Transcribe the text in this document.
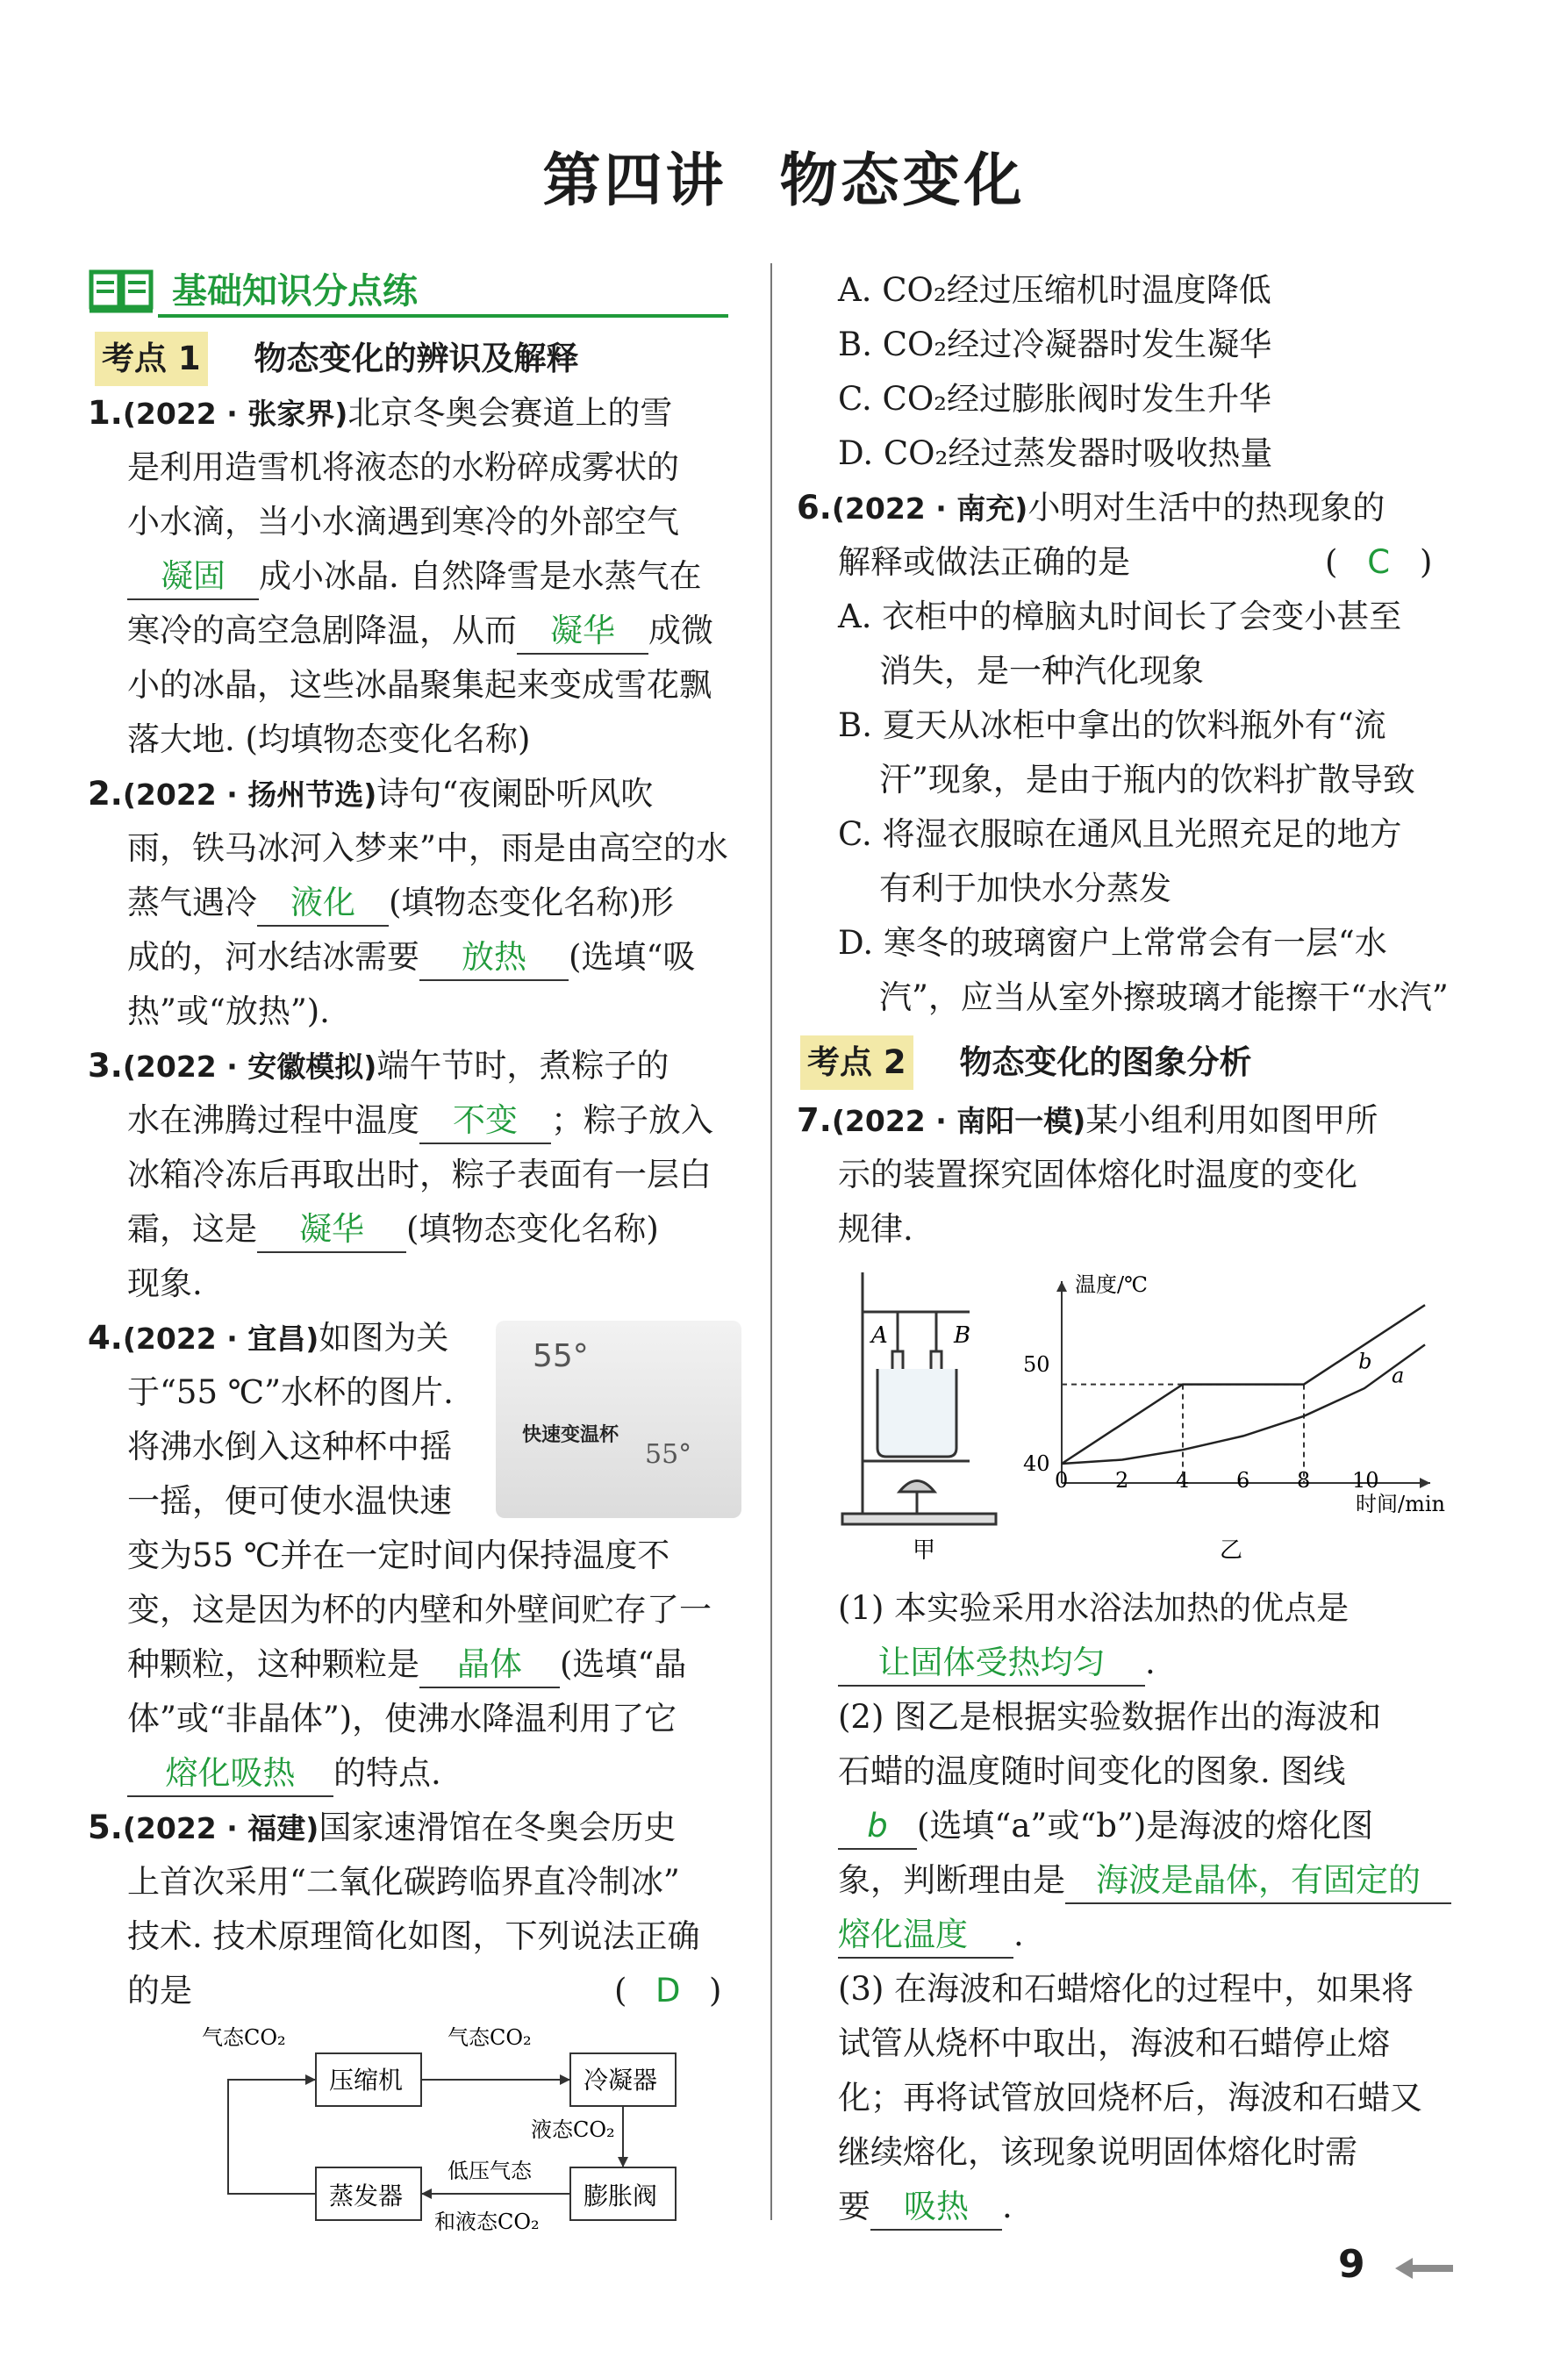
第四讲 物态变化
基础知识分点练
考点 1 物态变化的辨识及解释
1.(2022 · 张家界)北京冬奥会赛道上的雪
是利用造雪机将液态的水粉碎成雾状的
小水滴，当小水滴遇到寒冷的外部空气
凝固 成小冰晶. 自然降雪是水蒸气在
寒冷的高空急剧降温，从而 凝华 成微
小的冰晶，这些冰晶聚集起来变成雪花飘
落大地. (均填物态变化名称)
2.(2022 · 扬州节选)诗句“夜阑卧听风吹
雨，铁马冰河入梦来”中，雨是由高空的水
蒸气遇冷 液化 (填物态变化名称)形
成的，河水结冰需要 放热 (选填“吸
热”或“放热”).
3.(2022 · 安徽模拟)端午节时，煮粽子的
水在沸腾过程中温度 不变 ；粽子放入
冰箱冷冻后再取出时，粽子表面有一层白
霜，这是 凝华 (填物态变化名称)
现象.
4.(2022 · 宜昌)如图为关
于“55 ℃”水杯的图片.
将沸水倒入这种杯中摇
一摇，便可使水温快速
55°
快速变温杯
55°
变为55 ℃并在一定时间内保持温度不
变，这是因为杯的内壁和外壁间贮存了一
种颗粒，这种颗粒是 晶体 (选填“晶
体”或“非晶体”)，使沸水降温利用了它
熔化吸热 的特点.
5.(2022 · 福建)国家速滑馆在冬奥会历史
上首次采用“二氧化碳跨临界直冷制冰”
技术. 技术原理简化如图，下列说法正确
的是	( D )
气态CO₂	气态CO₂
压缩机	冷凝器
液态CO₂
低压气态
和液态CO₂
蒸发器	膨胀阀
A. CO₂经过压缩机时温度降低
B. CO₂经过冷凝器时发生凝华
C. CO₂经过膨胀阀时发生升华
D. CO₂经过蒸发器时吸收热量
6.(2022 · 南充)小明对生活中的热现象的
解释或做法正确的是	( C )
A. 衣柜中的樟脑丸时间长了会变小甚至
消失，是一种汽化现象
B. 夏天从冰柜中拿出的饮料瓶外有“流
汗”现象，是由于瓶内的饮料扩散导致
C. 将湿衣服晾在通风且光照充足的地方
有利于加快水分蒸发
D. 寒冬的玻璃窗户上常常会有一层“水
汽”，应当从室外擦玻璃才能擦干“水汽”
考点 2 物态变化的图象分析
7.(2022 · 南阳一模)某小组利用如图甲所
示的装置探究固体熔化时温度的变化
规律.
A	B
甲
温度/℃
时间/min
乙
0 2 4 6 8 10
40
50	b
a
(1) 本实验采用水浴法加热的优点是
让固体受热均匀 .
(2) 图乙是根据实验数据作出的海波和
石蜡的温度随时间变化的图象. 图线
b (选填“a”或“b”)是海波的熔化图
象，判断理由是 海波是晶体，有固定的
熔化温度 .
(3) 在海波和石蜡熔化的过程中，如果将
试管从烧杯中取出，海波和石蜡停止熔
化；再将试管放回烧杯后，海波和石蜡又
继续熔化，该现象说明固体熔化时需
要 吸热 .
9
